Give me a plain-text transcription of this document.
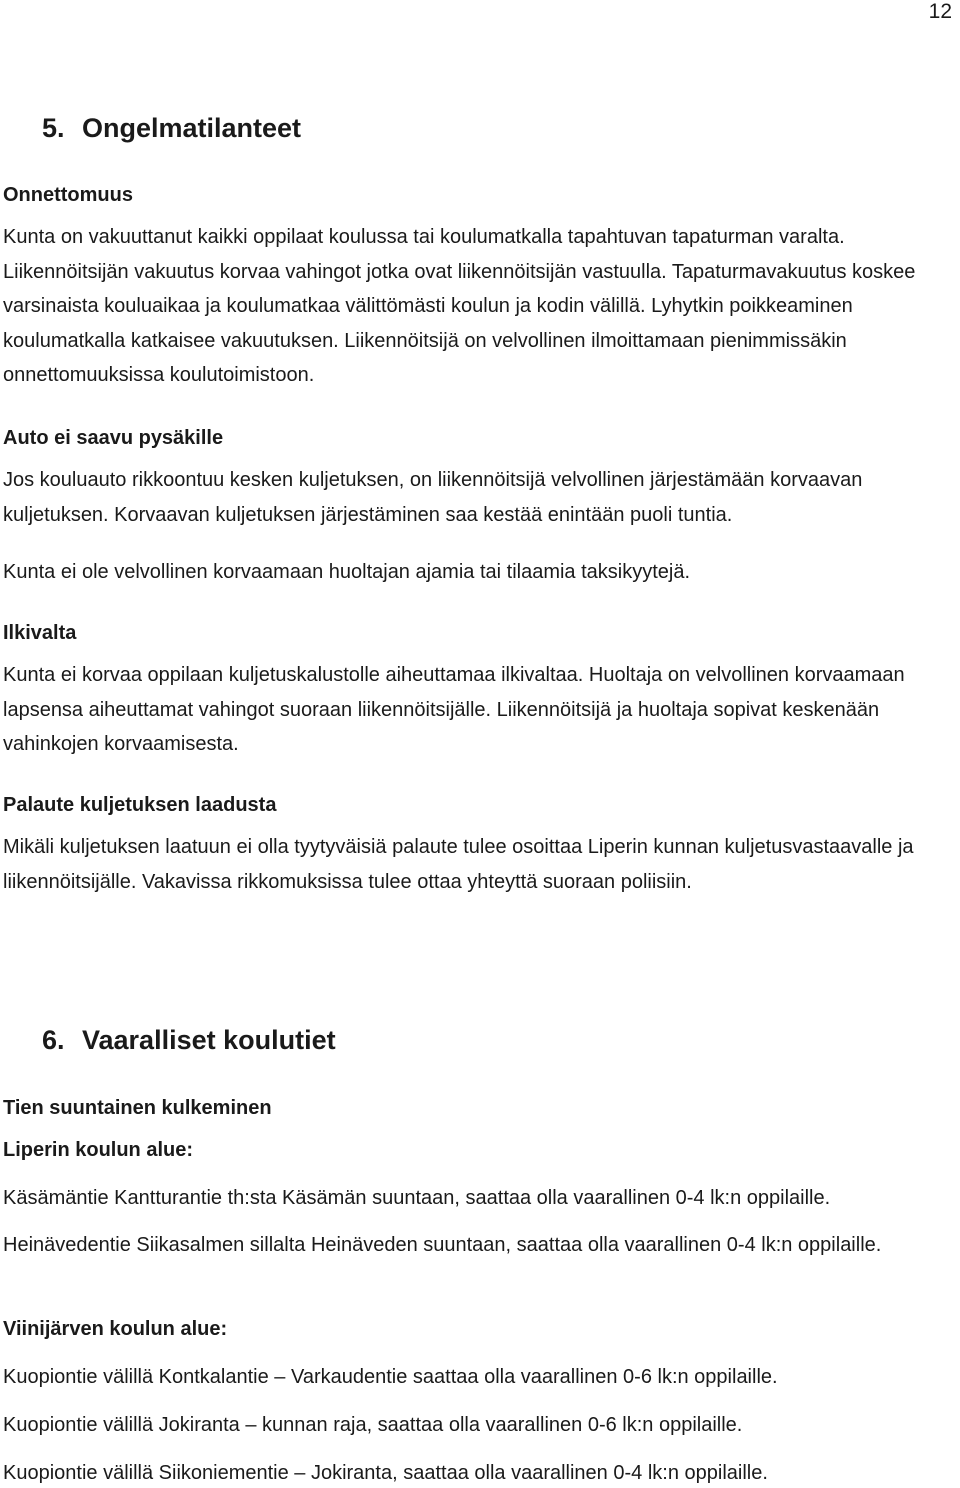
12
5. Ongelmatilanteet
Onnettomuus
Kunta on vakuuttanut kaikki oppilaat koulussa tai koulumatkalla tapahtuvan tapaturman varalta. Liikennöitsijän vakuutus korvaa vahingot jotka ovat liikennöitsijän vastuulla. Tapaturmavakuutus koskee varsinaista kouluaikaa ja koulumatkaa välittömästi koulun ja kodin välillä. Lyhytkin poikkeaminen koulumatkalla katkaisee vakuutuksen. Liikennöitsijä on velvollinen ilmoittamaan pienimmissäkin onnettomuuksissa koulutoimistoon.
Auto ei saavu pysäkille
Jos kouluauto rikkoontuu kesken kuljetuksen, on liikennöitsijä velvollinen järjestämään korvaavan kuljetuksen. Korvaavan kuljetuksen järjestäminen saa kestää enintään puoli tuntia.
Kunta ei ole velvollinen korvaamaan huoltajan ajamia tai tilaamia taksikyytejä.
Ilkivalta
Kunta ei korvaa oppilaan kuljetuskalustolle aiheuttamaa ilkivaltaa. Huoltaja on velvollinen korvaamaan lapsensa aiheuttamat vahingot suoraan liikennöitsijälle. Liikennöitsijä ja huoltaja sopivat keskenään vahinkojen korvaamisesta.
Palaute kuljetuksen laadusta
Mikäli kuljetuksen laatuun ei olla tyytyväisiä palaute tulee osoittaa Liperin kunnan kuljetusvastaavalle ja liikennöitsijälle. Vakavissa rikkomuksissa tulee ottaa yhteyttä suoraan poliisiin.
6. Vaaralliset koulutiet
Tien suuntainen kulkeminen
Liperin koulun alue:
Käsämäntie Kantturantie th:sta Käsämän suuntaan, saattaa olla vaarallinen 0-4 lk:n oppilaille.
Heinävedentie Siikasalmen sillalta Heinäveden suuntaan, saattaa olla vaarallinen 0-4 lk:n oppilaille.
Viinijärven koulun alue:
Kuopiontie välillä Kontkalantie – Varkaudentie saattaa olla vaarallinen 0-6 lk:n oppilaille.
Kuopiontie välillä Jokiranta – kunnan raja, saattaa olla vaarallinen 0-6 lk:n oppilaille.
Kuopiontie välillä Siikoniementie – Jokiranta, saattaa olla vaarallinen 0-4 lk:n oppilaille.
